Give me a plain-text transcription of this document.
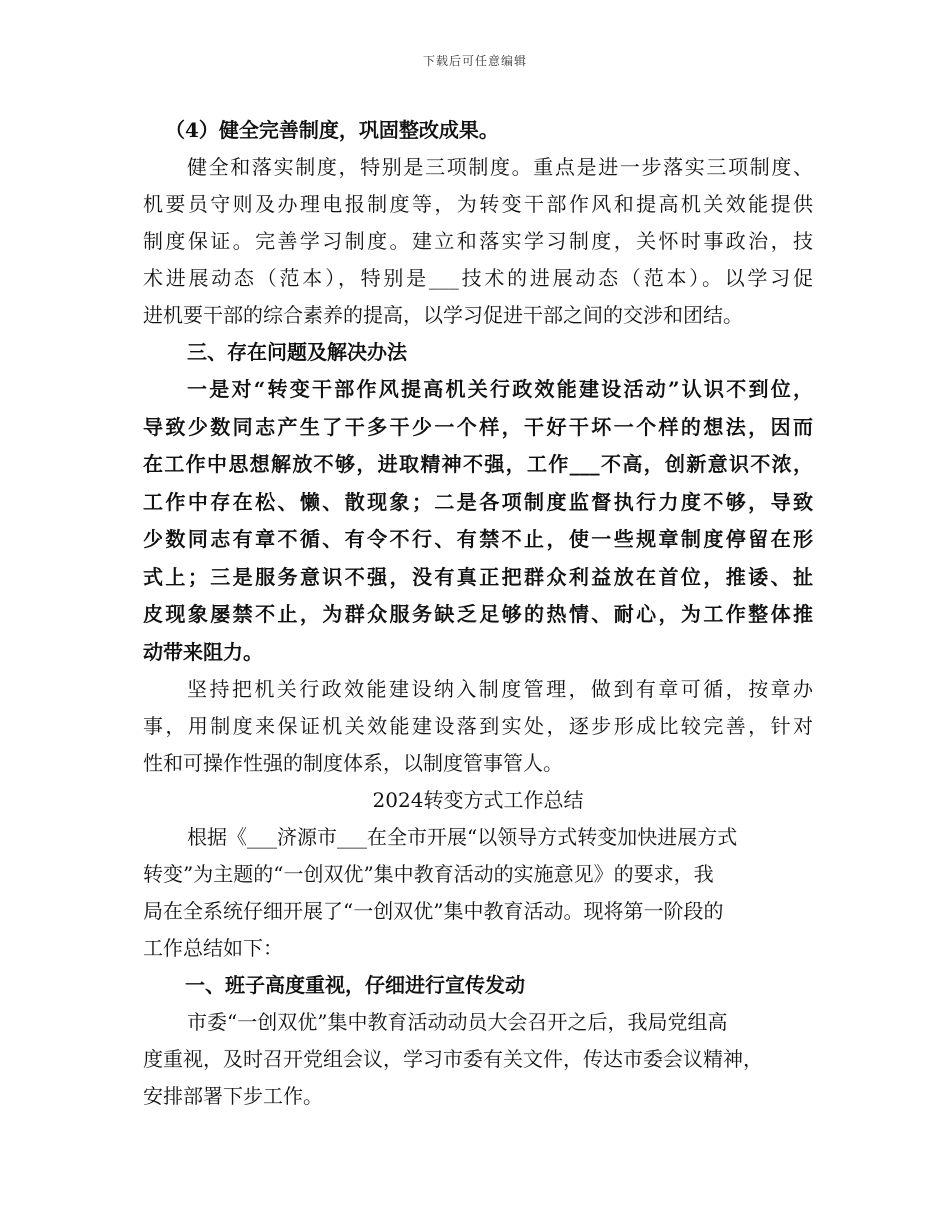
下载后可任意编辑
（4）健全完善制度，巩固整改成果。
健全和落实制度，特别是三项制度。重点是进一步落实三项制度、
机要员守则及办理电报制度等，为转变干部作风和提高机关效能提供
制度保证。完善学习制度。建立和落实学习制度，关怀时事政治，技
术进展动态（范本），特别是___技术的进展动态（范本）。以学习促
进机要干部的综合素养的提高，以学习促进干部之间的交涉和团结。
三、存在问题及解决办法
一是对“转变干部作风提高机关行政效能建设活动”认识不到位，
导致少数同志产生了干多干少一个样，干好干坏一个样的想法，因而
在工作中思想解放不够，进取精神不强，工作___不高，创新意识不浓，
工作中存在松、懒、散现象；二是各项制度监督执行力度不够，导致
少数同志有章不循、有令不行、有禁不止，使一些规章制度停留在形
式上；三是服务意识不强，没有真正把群众利益放在首位，推诿、扯
皮现象屡禁不止，为群众服务缺乏足够的热情、耐心，为工作整体推
动带来阻力。
坚持把机关行政效能建设纳入制度管理，做到有章可循，按章办
事，用制度来保证机关效能建设落到实处，逐步形成比较完善，针对
性和可操作性强的制度体系，以制度管事管人。
2024转变方式工作总结
根据《___济源市___在全市开展“以领导方式转变加快进展方式
转变”为主题的“一创双优”集中教育活动的实施意见》的要求，我
局在全系统仔细开展了“一创双优”集中教育活动。现将第一阶段的
工作总结如下：
一、班子高度重视，仔细进行宣传发动
市委“一创双优”集中教育活动动员大会召开之后，我局党组高
度重视，及时召开党组会议，学习市委有关文件，传达市委会议精神，
安排部署下步工作。
